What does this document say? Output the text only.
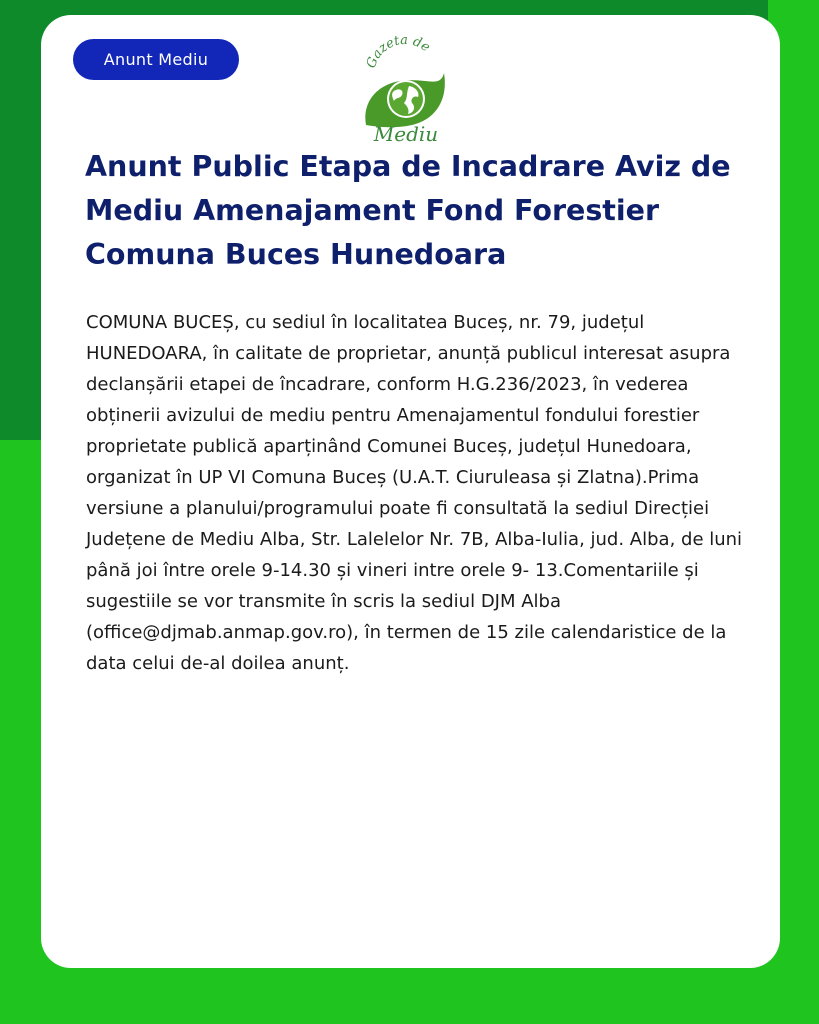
Anunt Mediu	Gazeta de
Mediu
Anunt Public Etapa de Incadrare Aviz de Mediu Amenajament Fond Forestier Comuna Buces Hunedoara

COMUNA BUCEȘ, cu sediul în localitatea Buceș, nr. 79, județul HUNEDOARA, în calitate de proprietar, anunță publicul interesat asupra declanșării etapei de încadrare, conform H.G.236/2023, în vederea obținerii avizului de mediu pentru Amenajamentul fondului forestier proprietate publică aparținând Comunei Buceș, județul Hunedoara, organizat în UP VI Comuna Buceș (U.A.T. Ciuruleasa și Zlatna).Prima versiune a planului/programului poate fi consultată la sediul Direcției Județene de Mediu Alba, Str. Lalelelor Nr. 7B, Alba-Iulia, jud. Alba, de luni până joi între orele 9-14.30 și vineri intre orele 9- 13.Comentariile și sugestiile se vor transmite în scris la sediul DJM Alba (office@djmab.anmap.gov.ro), în termen de 15 zile calendaristice de la data celui de-al doilea anunț.
